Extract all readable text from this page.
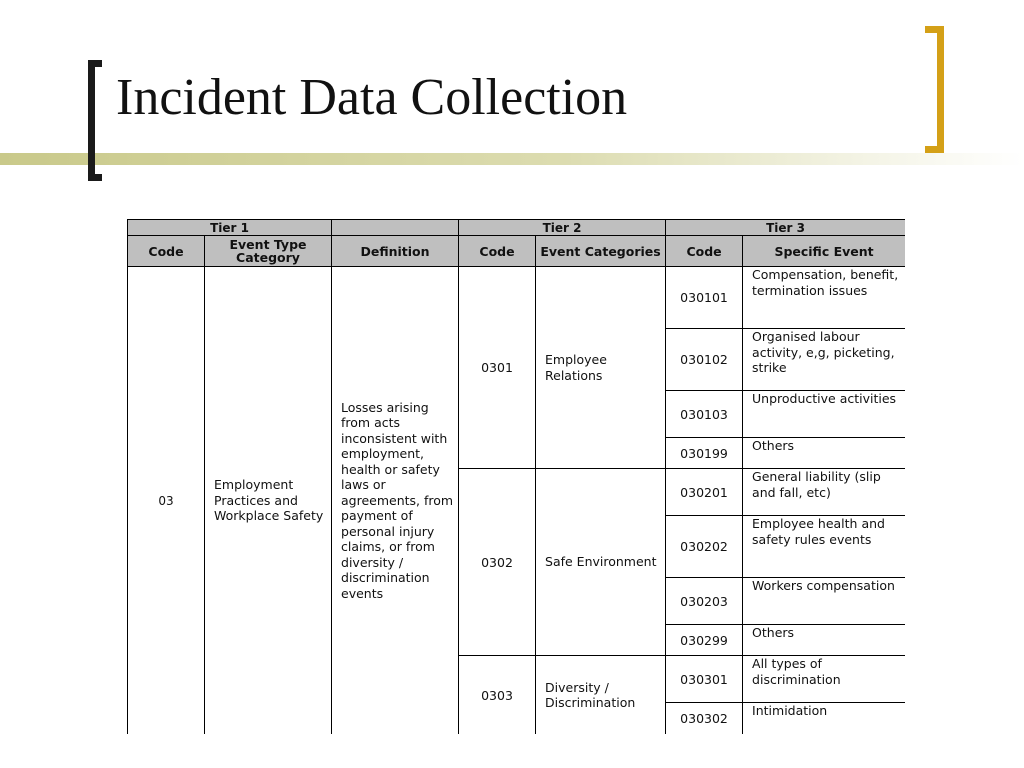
Incident Data Collection
Tier 1			Tier 2		Tier 3	
Code	Event Type Category	Definition	Code	Event Categories	Code	Specific Event
03	Employment Practices and Workplace Safety	Losses arising from acts inconsistent with employment, health or safety laws or agreements, from payment of personal injury claims, or from diversity / discrimination events	0301	Employee Relations	030101	Compensation, benefit, termination issues
					030102	Organised labour activity, e,g, picketing, strike
					030103	Unproductive activities
					030199	Others
			0302	Safe Environment	030201	General liability (slip and fall, etc)
					030202	Employee health and safety rules events
					030203	Workers compensation
					030299	Others
			0303	Diversity / Discrimination	030301	All types of discrimination
					030302	Intimidation
